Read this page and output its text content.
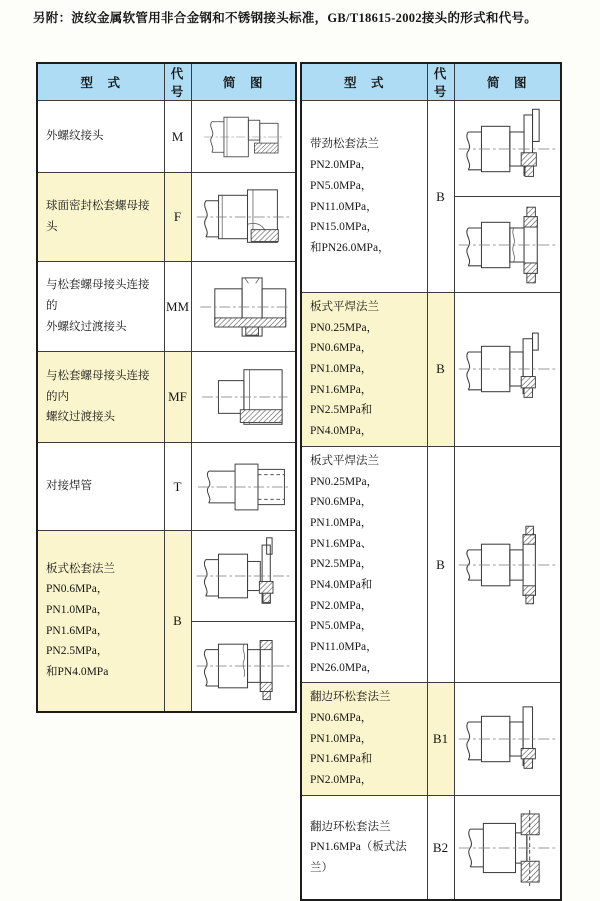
另附：波纹金属软管用非合金钢和不锈钢接头标准，GB/T18615-2002接头的形式和代号。
型　式	代号	简　图

外螺纹接头	M	

球面密封松套螺母接头	F	

与松套螺母接头连接的
外螺纹过渡接头	MM	

与松套螺母接头连接的内
螺纹过渡接头	MF	

对接焊管	T	

板式松套法兰
PN0.6MPa，PN1.0MPa，
PN1.6MPa，PN2.5MPa，
和PN4.0MPa	B	

型　式	代号	简　图

带劲松套法兰
PN2.0MPa，PN5.0MPa，
PN11.0MPa，PN15.0MPa，
和PN26.0MPa，	B	

板式平焊法兰
PN0.25MPa，PN0.6MPa，
PN1.0MPa，PN1.6MPa，
PN2.5MPa和PN4.0MPa，	B	

板式平焊法兰
PN0.25MPa，PN0.6MPa，
PN1.0MPa，PN1.6MPa、
PN2.5MPa，PN4.0MPa和
PN2.0MPa，PN5.0MPa，
PN11.0MPa，PN26.0MPa，
	B	

翻边环松套法兰
PN0.6MPa，PN1.0MPa，
PN1.6MPa和PN2.0MPa，	B1	

翻边环松套法兰
PN1.6MPa（板式法兰）	B2	
